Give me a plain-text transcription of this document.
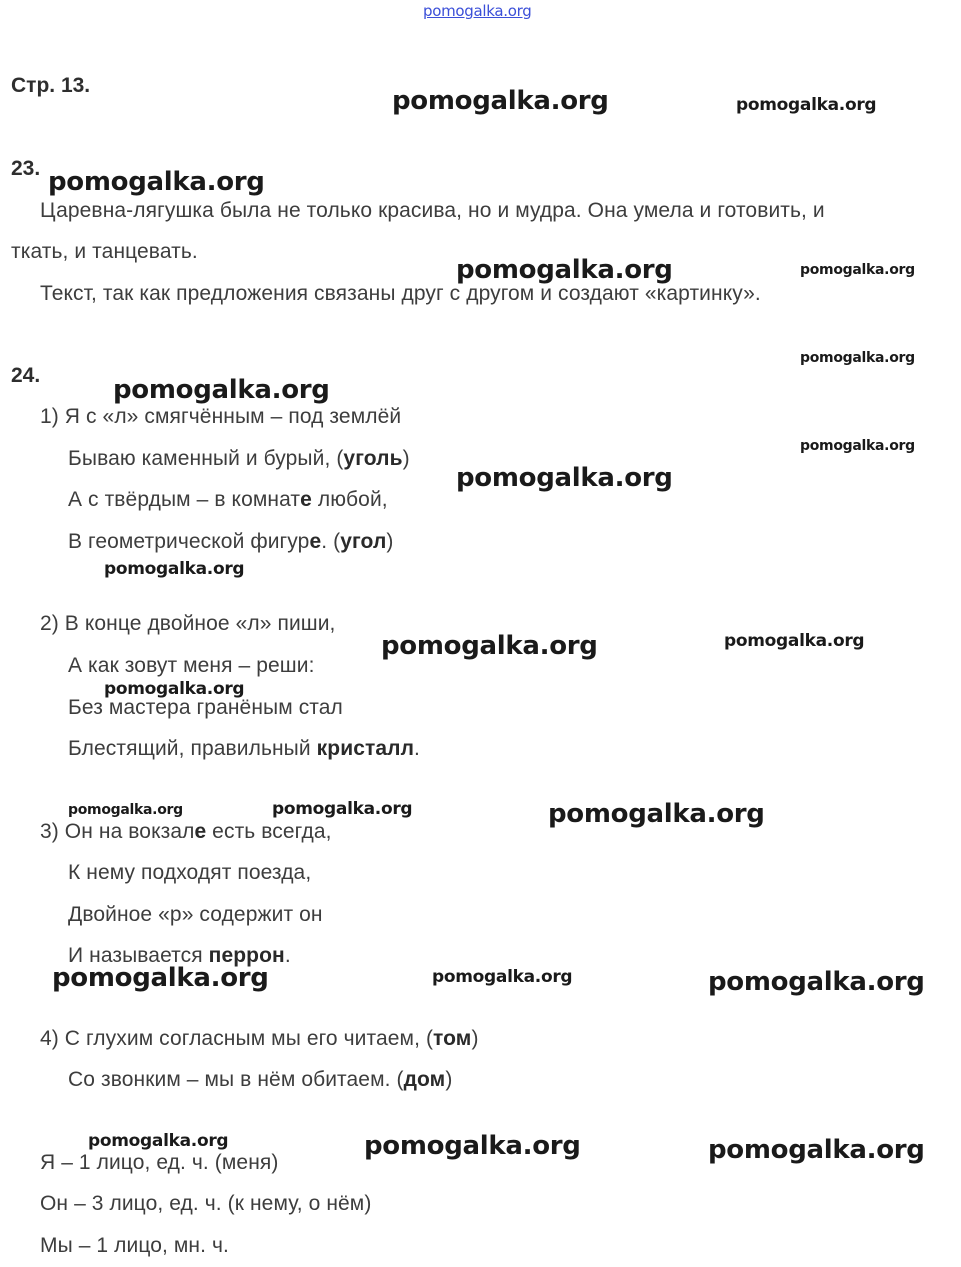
pomogalka.org
Стр. 13.
23.
Царевна-лягушка была не только красива, но и мудра. Она умела и готовить, и
ткать, и танцевать.
Текст, так как предложения связаны друг с другом и создают «картинку».
24.
1) Я с «л» смягчённым – под землёй
Бываю каменный и бурый, (уголь)
А с твёрдым – в комнате любой,
В геометрической фигуре. (угол)
2) В конце двойное «л» пиши,
А как зовут меня – реши:
Без мастера гранёным стал
Блестящий, правильный кристалл.
3) Он на вокзале есть всегда,
К нему подходят поезда,
Двойное «р» содержит он
И называется перрон.
4) С глухим согласным мы его читаем, (том)
Со звонким – мы в нём обитаем. (дом)
Я – 1 лицо, ед. ч. (меня)
Он – 3 лицо, ед. ч. (к нему, о нём)
Мы – 1 лицо, мн. ч.
pomogalka.org	pomogalka.org
pomogalka.org
pomogalka.org	pomogalka.org
pomogalka.org
pomogalka.org
pomogalka.org
pomogalka.org
pomogalka.org
pomogalka.org	pomogalka.org
pomogalka.org
pomogalka.org	pomogalka.org	pomogalka.org
pomogalka.org	pomogalka.org	pomogalka.org
pomogalka.org	pomogalka.org	pomogalka.org
